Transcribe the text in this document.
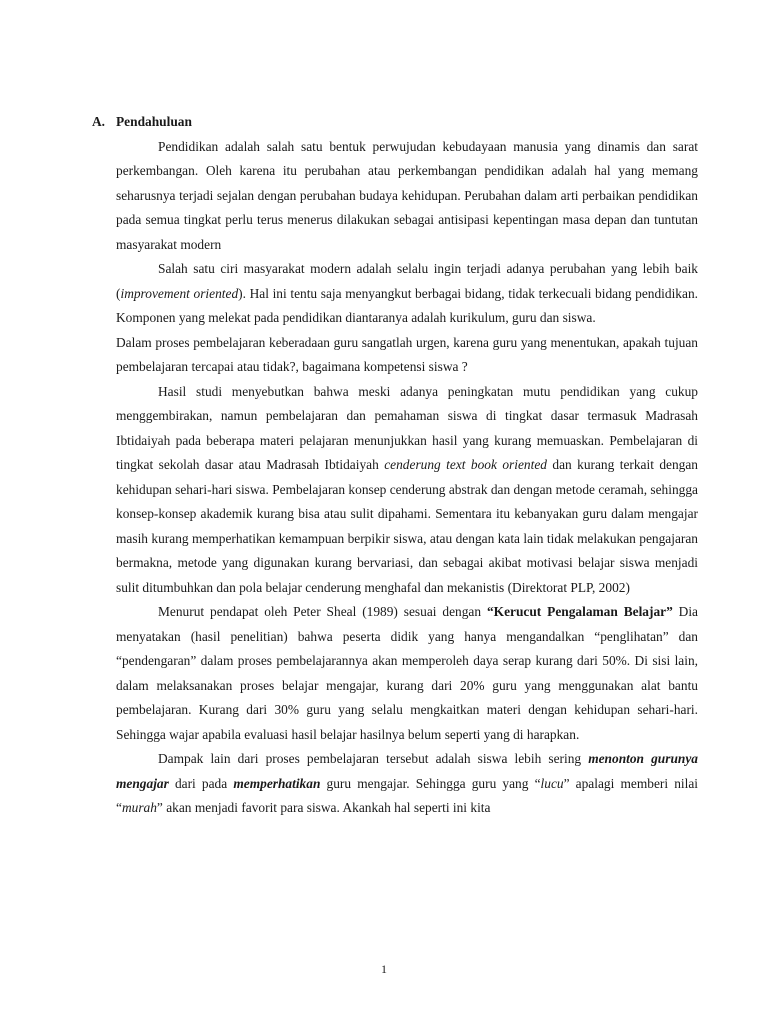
A. Pendahuluan

Pendidikan adalah salah satu bentuk perwujudan kebudayaan manusia yang dinamis dan sarat perkembangan. Oleh karena itu perubahan atau perkembangan pendidikan adalah hal yang memang seharusnya terjadi sejalan dengan perubahan budaya kehidupan. Perubahan dalam arti perbaikan pendidikan pada semua tingkat perlu terus menerus dilakukan sebagai antisipasi kepentingan masa depan dan tuntutan masyarakat modern

Salah satu ciri masyarakat modern adalah selalu ingin terjadi adanya perubahan yang lebih baik (improvement oriented). Hal ini tentu saja menyangkut berbagai bidang, tidak terkecuali bidang pendidikan. Komponen yang melekat pada pendidikan diantaranya adalah kurikulum, guru dan siswa.

Dalam proses pembelajaran keberadaan guru sangatlah urgen, karena guru yang menentukan, apakah tujuan pembelajaran tercapai atau tidak?, bagaimana kompetensi siswa ?

Hasil studi menyebutkan bahwa meski adanya peningkatan mutu pendidikan yang cukup menggembirakan, namun pembelajaran dan pemahaman siswa di tingkat dasar termasuk Madrasah Ibtidaiyah pada beberapa materi pelajaran menunjukkan hasil yang kurang memuaskan. Pembelajaran di tingkat sekolah dasar atau Madrasah Ibtidaiyah cenderung text book oriented dan kurang terkait dengan kehidupan sehari-hari siswa. Pembelajaran konsep cenderung abstrak dan dengan metode ceramah, sehingga konsep-konsep akademik kurang bisa atau sulit dipahami. Sementara itu kebanyakan guru dalam mengajar masih kurang memperhatikan kemampuan berpikir siswa, atau dengan kata lain tidak melakukan pengajaran bermakna, metode yang digunakan kurang bervariasi, dan sebagai akibat motivasi belajar siswa menjadi sulit ditumbuhkan dan pola belajar cenderung menghafal dan mekanistis (Direktorat PLP, 2002)

Menurut pendapat oleh Peter Sheal (1989) sesuai dengan “Kerucut Pengalaman Belajar” Dia menyatakan (hasil penelitian) bahwa peserta didik yang hanya mengandalkan “penglihatan” dan “pendengaran” dalam proses pembelajarannya akan memperoleh daya serap kurang dari 50%. Di sisi lain, dalam melaksanakan proses belajar mengajar, kurang dari 20% guru yang menggunakan alat bantu pembelajaran. Kurang dari 30% guru yang selalu mengkaitkan materi dengan kehidupan sehari-hari. Sehingga wajar apabila evaluasi hasil belajar hasilnya belum seperti yang di harapkan.

Dampak lain dari proses pembelajaran tersebut adalah siswa lebih sering menonton gurunya mengajar dari pada memperhatikan guru mengajar. Sehingga guru yang “lucu” apalagi memberi nilai “murah” akan menjadi favorit para siswa. Akankah hal seperti ini kita

1
